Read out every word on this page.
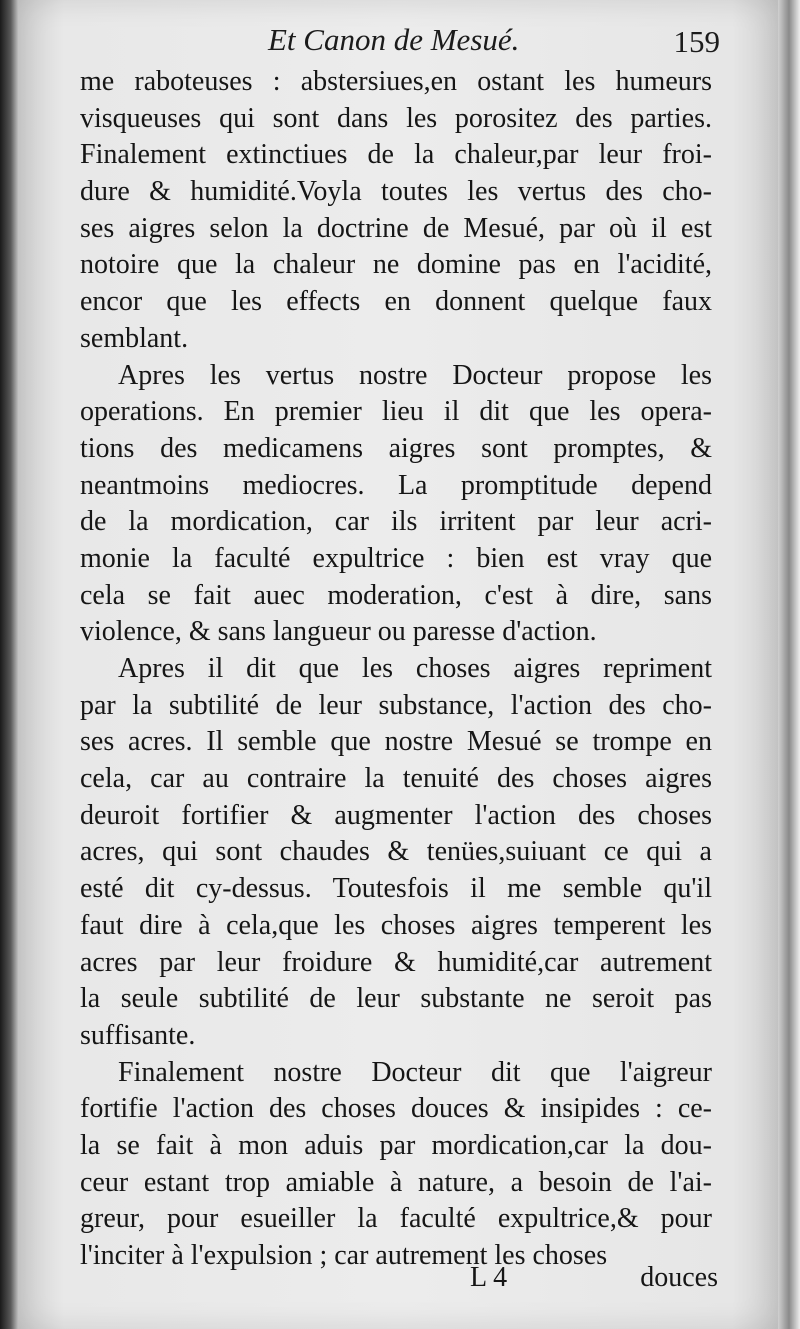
Et Canon de Mesué.	159
me raboteuses : abstersiues,en ostant les humeurs
visqueuses qui sont dans les porositez des parties.
Finalement extinctiues de la chaleur,par leur froi-
dure & humidité.Voyla toutes les vertus des cho-
ses aigres selon la doctrine de Mesué, par où il est
notoire que la chaleur ne domine pas en l'acidité,
encor que les effects en donnent quelque faux
semblant.
Apres les vertus nostre Docteur propose les
operations. En premier lieu il dit que les opera-
tions des medicamens aigres sont promptes, &
neantmoins mediocres. La promptitude depend
de la mordication, car ils irritent par leur acri-
monie la faculté expultrice : bien est vray que
cela se fait auec moderation, c'est à dire, sans
violence, & sans langueur ou paresse d'action.
Apres il dit que les choses aigres repriment
par la subtilité de leur substance, l'action des cho-
ses acres. Il semble que nostre Mesué se trompe en
cela, car au contraire la tenuité des choses aigres
deuroit fortifier & augmenter l'action des choses
acres, qui sont chaudes & tenües,suiuant ce qui a
esté dit cy-dessus. Toutesfois il me semble qu'il
faut dire à cela,que les choses aigres temperent les
acres par leur froidure & humidité,car autrement
la seule subtilité de leur substante ne seroit pas
suffisante.
Finalement nostre Docteur dit que l'aigreur
fortifie l'action des choses douces & insipides : ce-
la se fait à mon aduis par mordication,car la dou-
ceur estant trop amiable à nature, a besoin de l'ai-
greur, pour esueiller la faculté expultrice,& pour
l'inciter à l'expulsion ; car autrement les choses
L 4	douces
